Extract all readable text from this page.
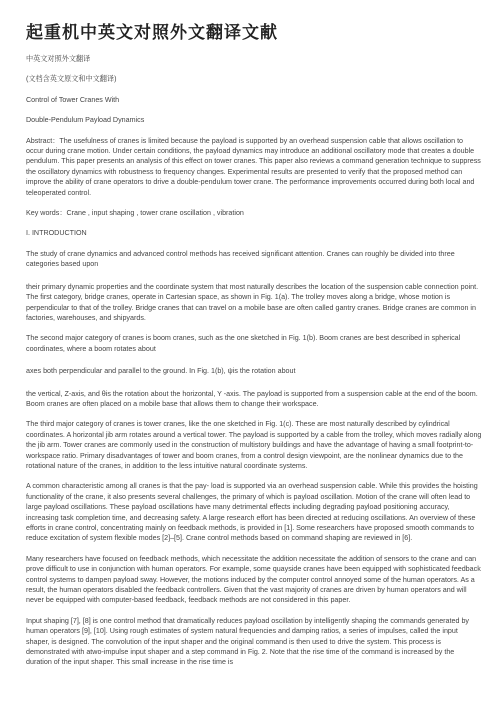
起重机中英文对照外文翻译文献

中英文对照外文翻译

(文档含英文原文和中文翻译)

Control of Tower Cranes With

Double-Pendulum Payload Dynamics

Abstract：The usefulness of cranes is limited because the payload is supported by an overhead suspension cable that allows oscillation to occur during crane motion. Under certain conditions, the payload dynamics may introduce an additional oscillatory mode that creates a double pendulum. This paper presents an analysis of this effect on tower cranes. This paper also reviews a command generation technique to suppress the oscillatory dynamics with robustness to frequency changes. Experimental results are presented to verify that the proposed method can improve the ability of crane operators to drive a double-pendulum tower crane. The performance improvements occurred during both local and teleoperated control.

Key words：Crane , input shaping , tower crane oscillation , vibration

I. INTRODUCTION

The study of crane dynamics and advanced control methods has received significant attention. Cranes can roughly be divided into three categories based upon

their primary dynamic properties and the coordinate system that most naturally describes the location of the suspension cable connection point. The first category, bridge cranes, operate in Cartesian space, as shown in Fig. 1(a). The trolley moves along a bridge, whose motion is perpendicular to that of the trolley. Bridge cranes that can travel on a mobile base are often called gantry cranes. Bridge cranes are common in factories, warehouses, and shipyards.

The second major category of cranes is boom cranes, such as the one sketched in Fig. 1(b). Boom cranes are best described in spherical coordinates, where a boom rotates about

axes both perpendicular and parallel to the ground. In Fig. 1(b), ψis the rotation about

the vertical, Z-axis, and θis the rotation about the horizontal, Y -axis. The payload is supported from a suspension cable at the end of the boom. Boom cranes are often placed on a mobile base that allows them to change their workspace.

The third major category of cranes is tower cranes, like the one sketched in Fig. 1(c). These are most naturally described by cylindrical coordinates. A horizontal jib arm rotates around a vertical tower. The payload is supported by a cable from the trolley, which moves radially along the jib arm. Tower cranes are commonly used in the construction of multistory buildings and have the advantage of having a small footprint-to-workspace ratio. Primary disadvantages of tower and boom cranes, from a control design viewpoint, are the nonlinear dynamics due to the rotational nature of the cranes, in addition to the less intuitive natural coordinate systems.

A common characteristic among all cranes is that the pay- load is supported via an overhead suspension cable. While this provides the hoisting functionality of the crane, it also presents several challenges, the primary of which is payload oscillation. Motion of the crane will often lead to large payload oscillations. These payload oscillations have many detrimental effects including degrading payload positioning accuracy, increasing task completion time, and decreasing safety. A large research effort has been directed at reducing oscillations. An overview of these efforts in crane control, concentrating mainly on feedback methods, is provided in [1]. Some researchers have proposed smooth commands to reduce excitation of system flexible modes [2]–[5]. Crane control methods based on command shaping are reviewed in [6].

Many researchers have focused on feedback methods, which necessitate the addition necessitate the addition of sensors to the crane and can prove difficult to use in conjunction with human operators. For example, some quayside cranes have been equipped with sophisticated feedback control systems to dampen payload sway. However, the motions induced by the computer control annoyed some of the human operators. As a result, the human operators disabled the feedback controllers. Given that the vast majority of cranes are driven by human operators and will never be equipped with computer-based feedback, feedback methods are not considered in this paper.

Input shaping [7], [8] is one control method that dramatically reduces payload oscillation by intelligently shaping the commands generated by human operators [9], [10]. Using rough estimates of system natural frequencies and damping ratios, a series of impulses, called the input shaper, is designed. The convolution of the input shaper and the original command is then used to drive the system. This process is demonstrated with atwo-impulse input shaper and a step command in Fig. 2. Note that the rise time of the command is increased by the duration of the input shaper. This small increase in the rise time is
